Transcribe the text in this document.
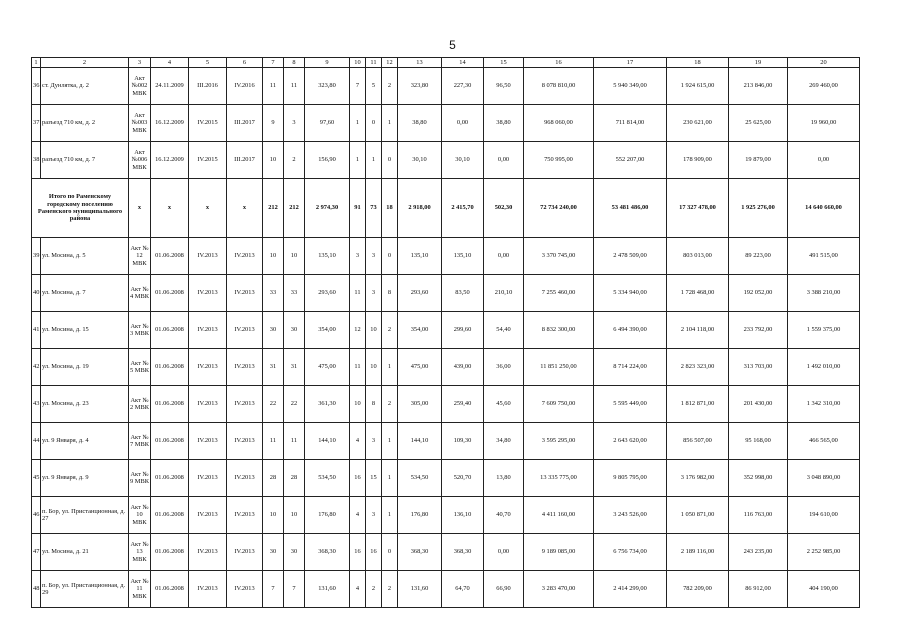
5
1	2	3	4	5	6	7	8	9	10	11	12	13	14	15	16	17	18	19	20
36	ст. Дунлятка, д. 2	Акт №002 МВК	24.11.2009	III.2016	IV.2016	11	11	323,80	7	5	2	323,80	227,30	96,50	8 078 810,00	5 940 349,00	1 924 615,00	213 846,00	269 460,00
37	разъезд 710 км, д. 2	Акт №003 МВК	16.12.2009	IV.2015	III.2017	9	3	97,60	1	0	1	38,80	0,00	38,80	968 060,00	711 814,00	230 621,00	25 625,00	19 960,00
38	разъезд 710 км, д. 7	Акт №006 МВК	16.12.2009	IV.2015	III.2017	10	2	156,90	1	1	0	30,10	30,10	0,00	750 995,00	552 207,00	178 909,00	19 879,00	0,00
Итого по Раменскому городскому поселению Раменского муниципального района		x	x	x	x	212	212	2 974,30	91	73	18	2 918,00	2 415,70	502,30	72 734 240,00	53 481 486,00	17 327 478,00	1 925 276,00	14 640 660,00
39	ул. Мосина, д. 5	Акт № 12 МВК	01.06.2008	IV.2013	IV.2013	10	10	135,10	3	3	0	135,10	135,10	0,00	3 370 745,00	2 478 509,00	803 013,00	89 223,00	491 515,00
40	ул. Мосина, д. 7	Акт № 4 МВК	01.06.2008	IV.2013	IV.2013	33	33	293,60	11	3	8	293,60	83,50	210,10	7 255 460,00	5 334 940,00	1 728 468,00	192 052,00	3 388 210,00
41	ул. Мосина, д. 15	Акт № 3 МВК	01.06.2008	IV.2013	IV.2013	30	30	354,00	12	10	2	354,00	299,60	54,40	8 832 300,00	6 494 390,00	2 104 118,00	233 792,00	1 559 375,00
42	ул. Мосина, д. 19	Акт № 5 МВК	01.06.2008	IV.2013	IV.2013	31	31	475,00	11	10	1	475,00	439,00	36,00	11 851 250,00	8 714 224,00	2 823 323,00	313 703,00	1 492 010,00
43	ул. Мосина, д. 23	Акт № 2 МВК	01.06.2008	IV.2013	IV.2013	22	22	361,30	10	8	2	305,00	259,40	45,60	7 609 750,00	5 595 449,00	1 812 871,00	201 430,00	1 342 310,00
44	ул. 9 Января, д. 4	Акт № 7 МВК	01.06.2008	IV.2013	IV.2013	11	11	144,10	4	3	1	144,10	109,30	34,80	3 595 295,00	2 643 620,00	856 507,00	95 168,00	466 565,00
45	ул. 9 Января, д. 9	Акт № 9 МВК	01.06.2008	IV.2013	IV.2013	28	28	534,50	16	15	1	534,50	520,70	13,80	13 335 775,00	9 805 795,00	3 176 982,00	352 998,00	3 048 890,00
46	п. Бор, ул. Пристанционная, д. 27	Акт № 10 МВК	01.06.2008	IV.2013	IV.2013	10	10	176,80	4	3	1	176,80	136,10	40,70	4 411 160,00	3 243 526,00	1 050 871,00	116 763,00	194 610,00
47	ул. Мосина, д. 21	Акт № 13 МВК	01.06.2008	IV.2013	IV.2013	30	30	368,30	16	16	0	368,30	368,30	0,00	9 189 085,00	6 756 734,00	2 189 116,00	243 235,00	2 252 985,00
48	п. Бор, ул. Пристанционная, д. 29	Акт № 11 МВК	01.06.2008	IV.2013	IV.2013	7	7	131,60	4	2	2	131,60	64,70	66,90	3 283 470,00	2 414 299,00	782 209,00	86 912,00	404 190,00
